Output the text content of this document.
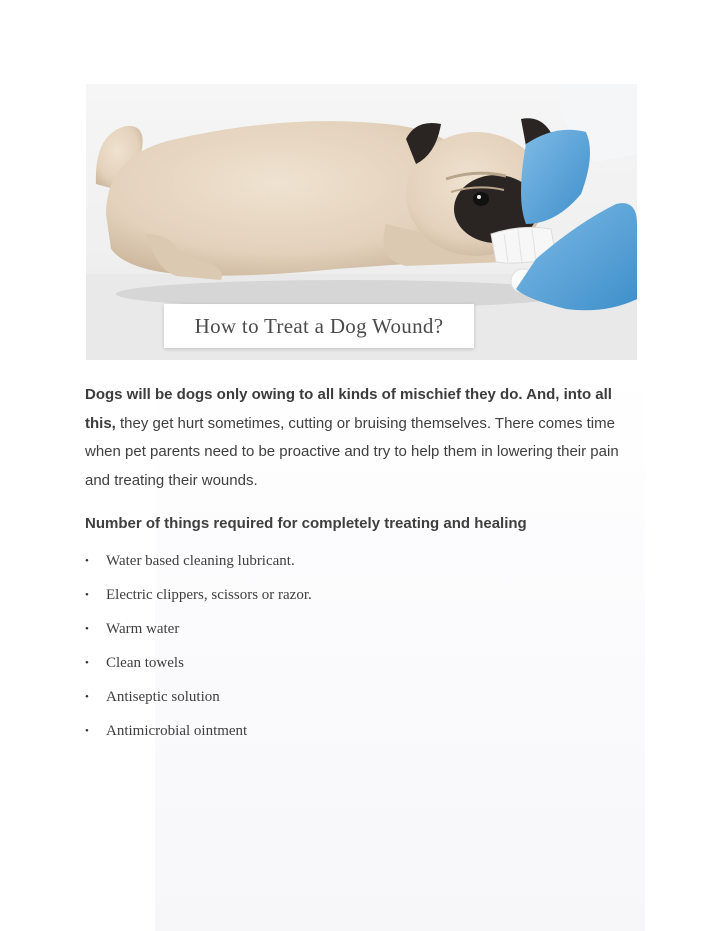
How to Treat a Dog Wound?

Dogs will be dogs only owing to all kinds of mischief they do. And, into all this, they get hurt sometimes, cutting or bruising themselves. There comes time when pet parents need to be proactive and try to help them in lowering their pain and treating their wounds.

Number of things required for completely treating and healing
•	Water based cleaning lubricant.
•	Electric clippers, scissors or razor.
•	Warm water
•	Clean towels
•	Antiseptic solution
•	Antimicrobial ointment
